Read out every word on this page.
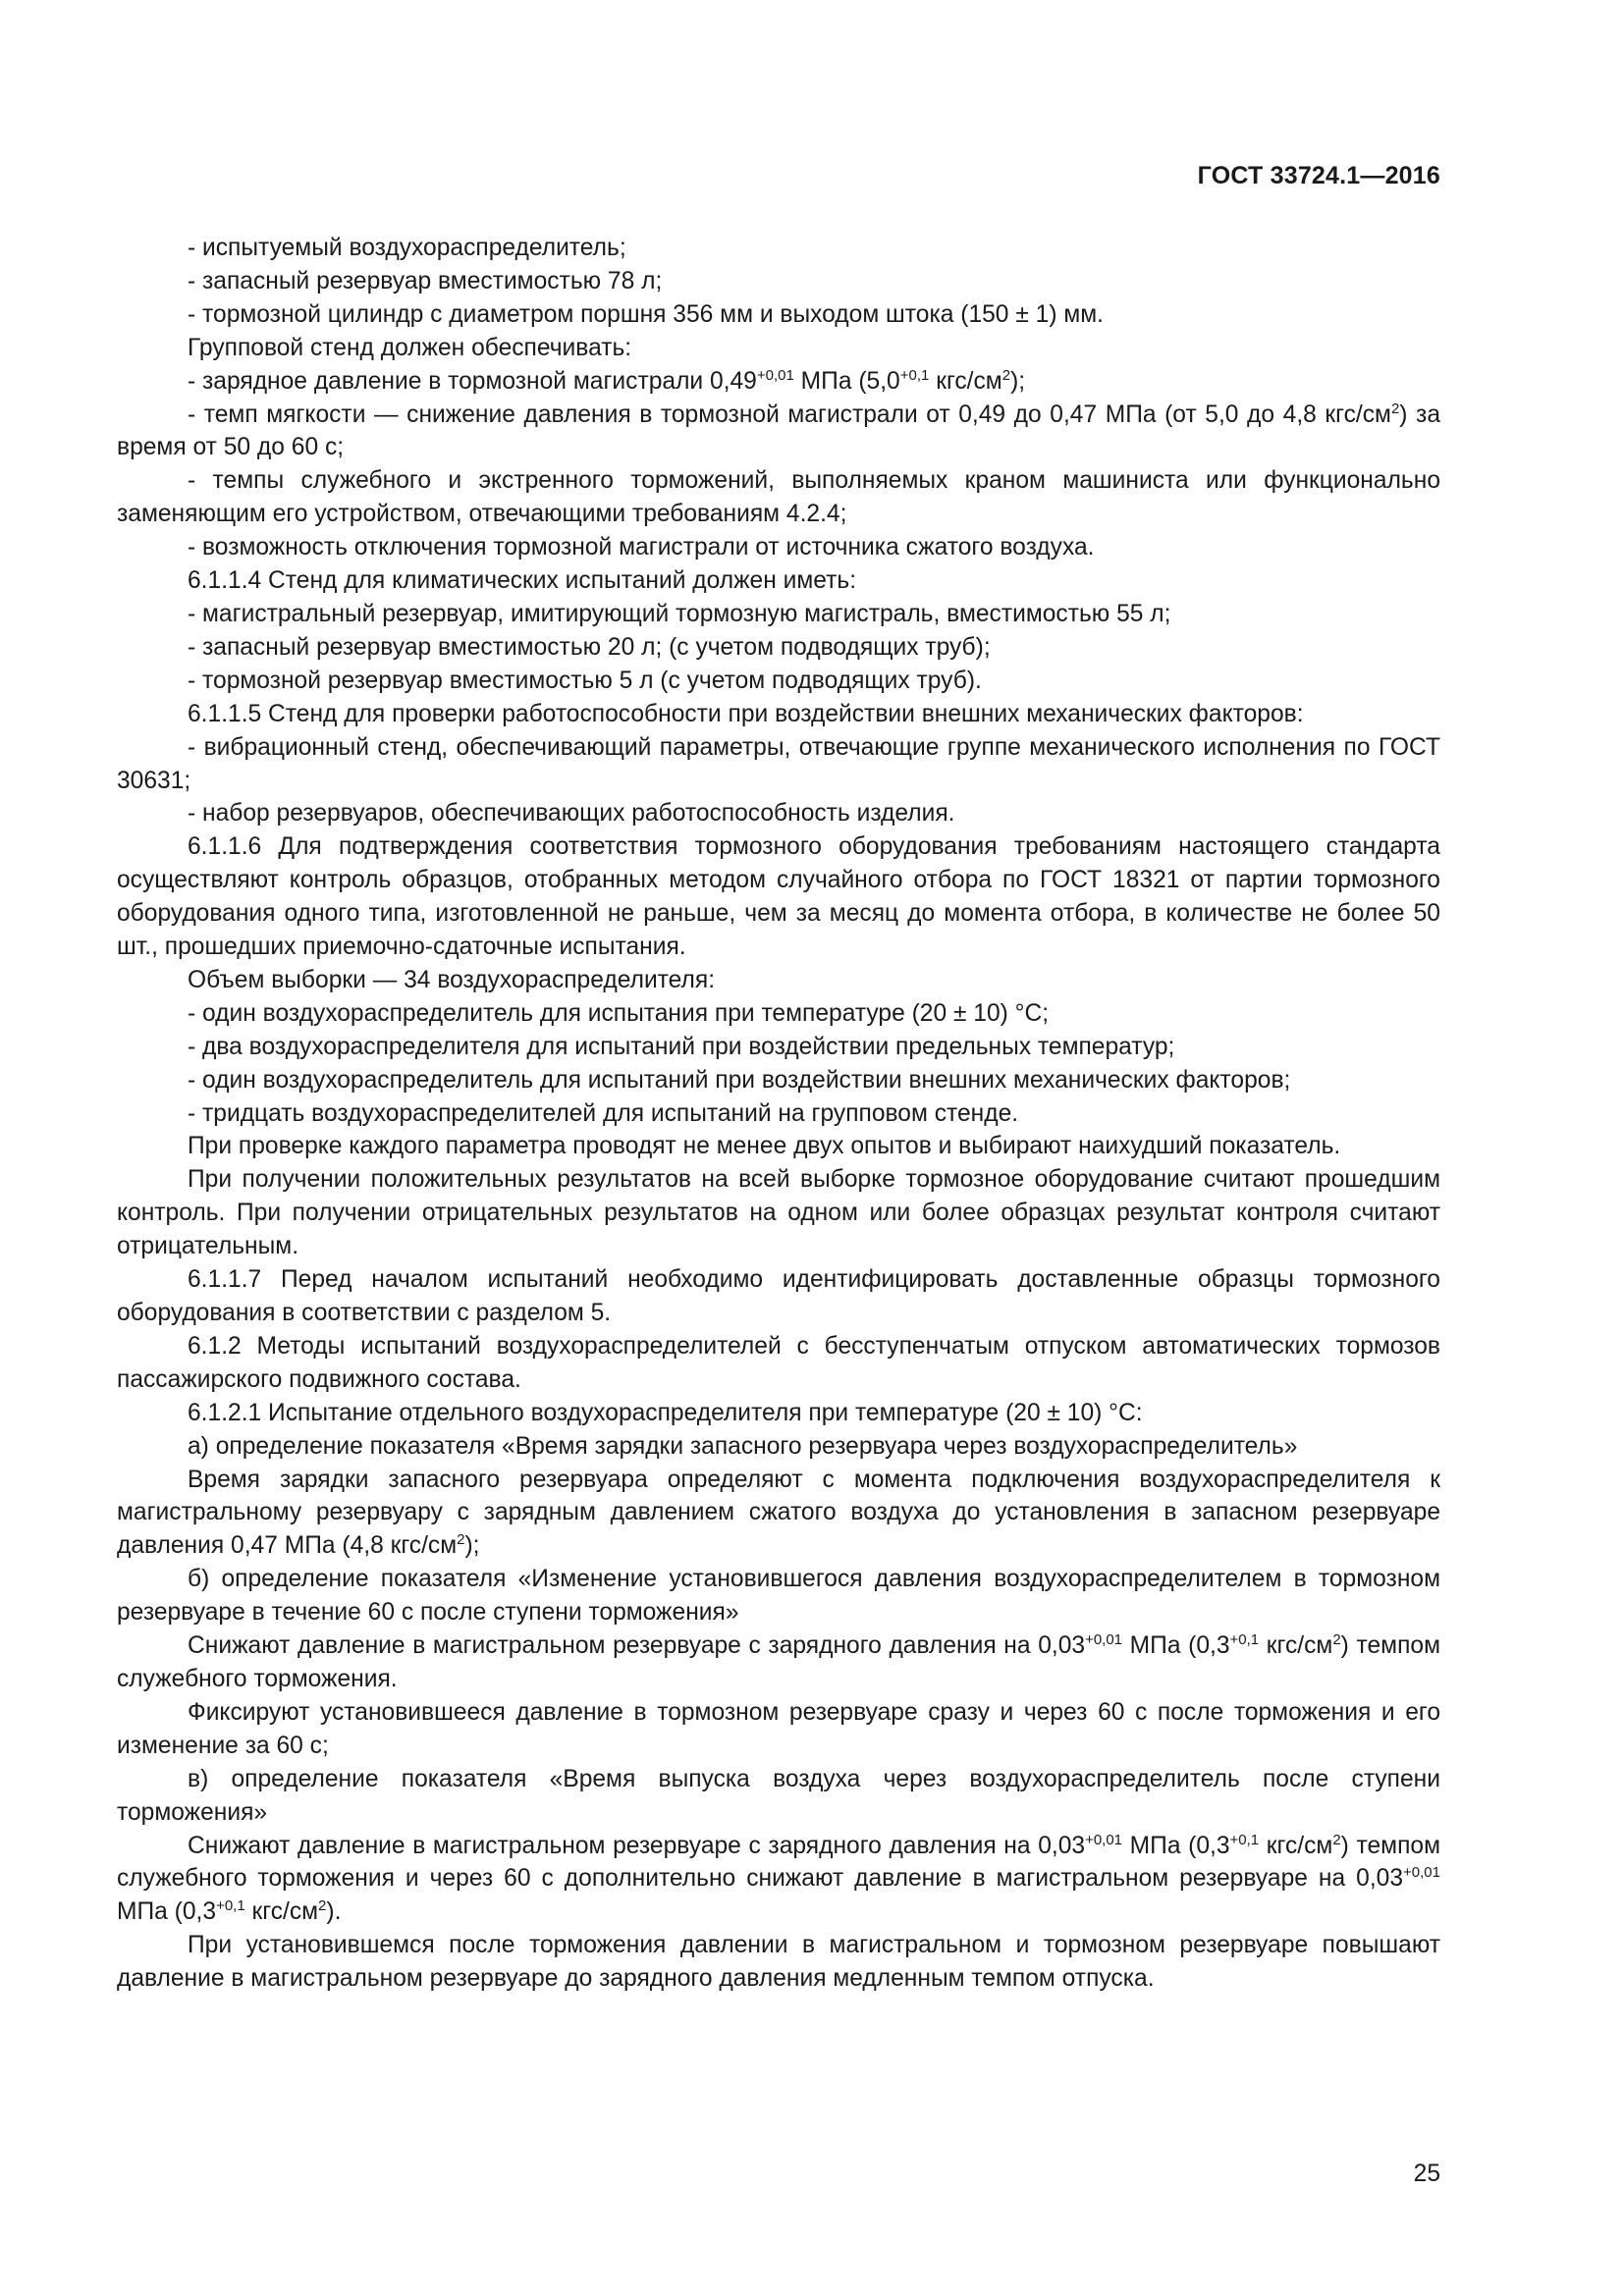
ГОСТ 33724.1—2016

- испытуемый воздухораспределитель;

- запасный резервуар вместимостью 78 л;

- тормозной цилиндр с диаметром поршня 356 мм и выходом штока (150 ± 1) мм.

Групповой стенд должен обеспечивать:

- зарядное давление в тормозной магистрали $0,49^{+0,01}$ МПа ($5,0^{+0,1}$ кгс/$см^2$);

- темп мягкости — снижение давления в тормозной магистрали от 0,49 до 0,47 МПа (от 5,0 до 4,8 кгс/$см^2$) за время от 50 до 60 с;

- темпы служебного и экстренного торможений, выполняемых краном машиниста или функционально заменяющим его устройством, отвечающими требованиям 4.2.4;

- возможность отключения тормозной магистрали от источника сжатого воздуха.

6.1.1.4 Стенд для климатических испытаний должен иметь:

- магистральный резервуар, имитирующий тормозную магистраль, вместимостью 55 л;

- запасный резервуар вместимостью 20 л; (с учетом подводящих труб);

- тормозной резервуар вместимостью 5 л (с учетом подводящих труб).

6.1.1.5 Стенд для проверки работоспособности при воздействии внешних механических факторов:

- вибрационный стенд, обеспечивающий параметры, отвечающие группе механического исполнения по ГОСТ 30631;

- набор резервуаров, обеспечивающих работоспособность изделия.

6.1.1.6 Для подтверждения соответствия тормозного оборудования требованиям настоящего стандарта осуществляют контроль образцов, отобранных методом случайного отбора по ГОСТ 18321 от партии тормозного оборудования одного типа, изготовленной не раньше, чем за месяц до момента отбора, в количестве не более 50 шт., прошедших приемочно-сдаточные испытания.

Объем выборки — 34 воздухораспределителя:

- один воздухораспределитель для испытания при температуре (20 ± 10) °С;

- два воздухораспределителя для испытаний при воздействии предельных температур;

- один воздухораспределитель для испытаний при воздействии внешних механических факторов;

- тридцать воздухораспределителей для испытаний на групповом стенде.

При проверке каждого параметра проводят не менее двух опытов и выбирают наихудший показатель.

При получении положительных результатов на всей выборке тормозное оборудование считают прошедшим контроль. При получении отрицательных результатов на одном или более образцах результат контроля считают отрицательным.

6.1.1.7 Перед началом испытаний необходимо идентифицировать доставленные образцы тормозного оборудования в соответствии с разделом 5.

6.1.2 Методы испытаний воздухораспределителей с бесступенчатым отпуском автоматических тормозов пассажирского подвижного состава.

6.1.2.1 Испытание отдельного воздухораспределителя при температуре (20 ± 10) °С:

а) определение показателя «Время зарядки запасного резервуара через воздухораспределитель»

Время зарядки запасного резервуара определяют с момента подключения воздухораспределителя к магистральному резервуару с зарядным давлением сжатого воздуха до установления в запасном резервуаре давления 0,47 МПа (4,8 кгс/$см^2$);

б) определение показателя «Изменение установившегося давления воздухораспределителем в тормозном резервуаре в течение 60 с после ступени торможения»

Снижают давление в магистральном резервуаре с зарядного давления на $0,03^{+0,01}$ МПа ($0,3^{+0,1}$ кгс/$см^2$) темпом служебного торможения.

Фиксируют установившееся давление в тормозном резервуаре сразу и через 60 с после торможения и его изменение за 60 с;

в) определение показателя «Время выпуска воздуха через воздухораспределитель после ступени торможения»

Снижают давление в магистральном резервуаре с зарядного давления на $0,03^{+0,01}$ МПа ($0,3^{+0,1}$ кгс/$см^2$) темпом служебного торможения и через 60 с дополнительно снижают давление в магистральном резервуаре на $0,03^{+0,01}$ МПа ($0,3^{+0,1}$ кгс/$см^2$).

При установившемся после торможения давлении в магистральном и тормозном резервуаре повышают давление в магистральном резервуаре до зарядного давления медленным темпом отпуска.

25
